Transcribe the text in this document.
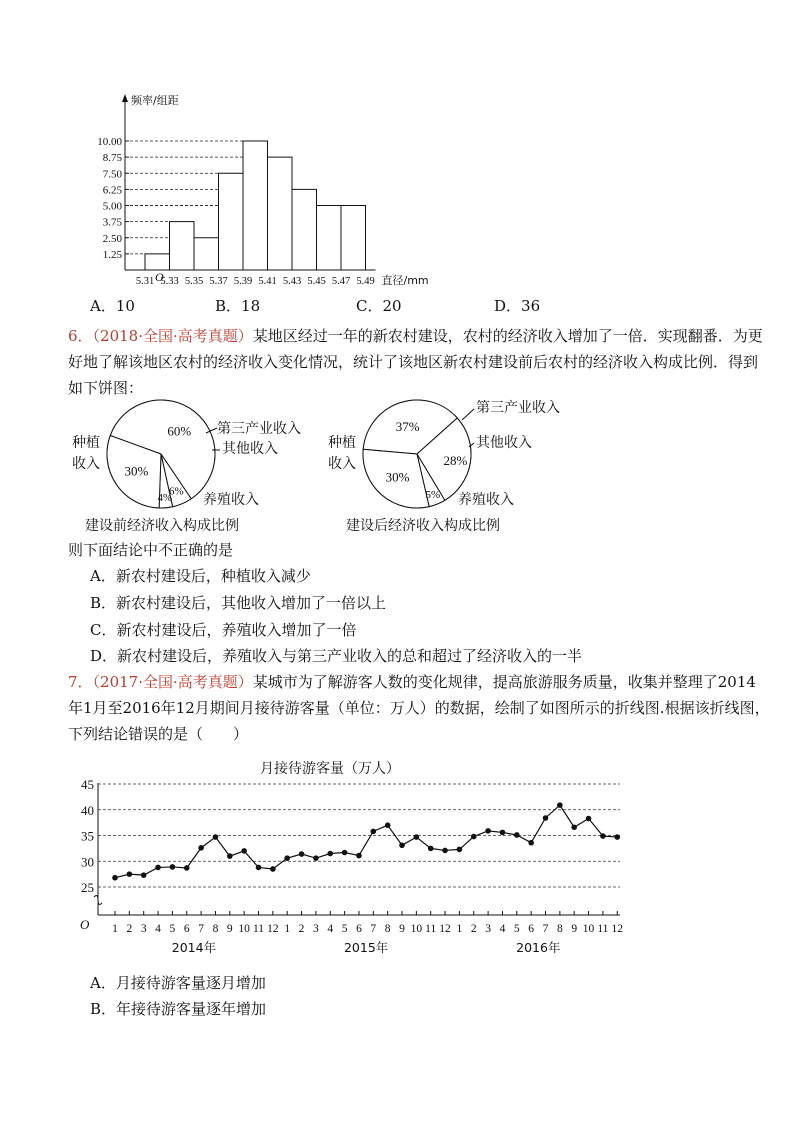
频率/组距
O
10.00
8.75
7.50
6.25
5.00
3.75
2.50
1.25
5.31 5.33 5.35 5.37 5.39 5.41 5.43 5.45 5.47 5.49 直径/mm
A．10	B．18	C．20	D．36
6．（2018·全国·高考真题）某地区经过一年的新农村建设，农村的经济收入增加了一倍．实现翻番．为更
好地了解该地区农村的经济收入变化情况，统计了该地区新农村建设前后农村的经济收入构成比例．得到
如下饼图：
60%
30%
4%
6%
种植
收入
第三产业收入
其他收入
养殖收入
建设前经济收入构成比例
37%
30%
5%
28%
种植
收入
第三产业收入
其他收入
养殖收入
建设后经济收入构成比例
则下面结论中不正确的是
A．新农村建设后，种植收入减少
B．新农村建设后，其他收入增加了一倍以上
C．新农村建设后，养殖收入增加了一倍
D．新农村建设后，养殖收入与第三产业收入的总和超过了经济收入的一半
7．（2017·全国·高考真题）某城市为了解游客人数的变化规律，提高旅游服务质量，收集并整理了2014
年1月至2016年12月期间月接待游客量（单位：万人）的数据，绘制了如图所示的折线图.根据该折线图，
下列结论错误的是（　　）
月接待游客量（万人）
45
40
35
30
25
O 1 2 3 4 5 6 7 8 9 10 11 12 1 2 3 4 5 6 7 8 9 10 11 12 1 2 3 4 5 6 7 8 9 10 11 12
2014年	2015年	2016年
A．月接待游客量逐月增加
B．年接待游客量逐年增加
